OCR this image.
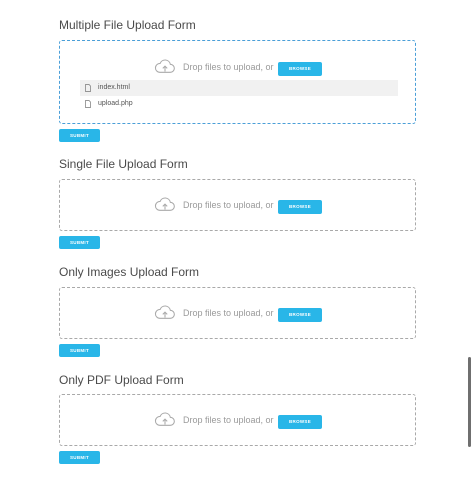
Multiple File Upload Form
Drop files to upload, or	BROWSE
index.html
upload.php
SUBMIT
Single File Upload Form
Drop files to upload, or	BROWSE
SUBMIT
Only Images Upload Form
Drop files to upload, or	BROWSE
SUBMIT
Only PDF Upload Form
Drop files to upload, or	BROWSE
SUBMIT
